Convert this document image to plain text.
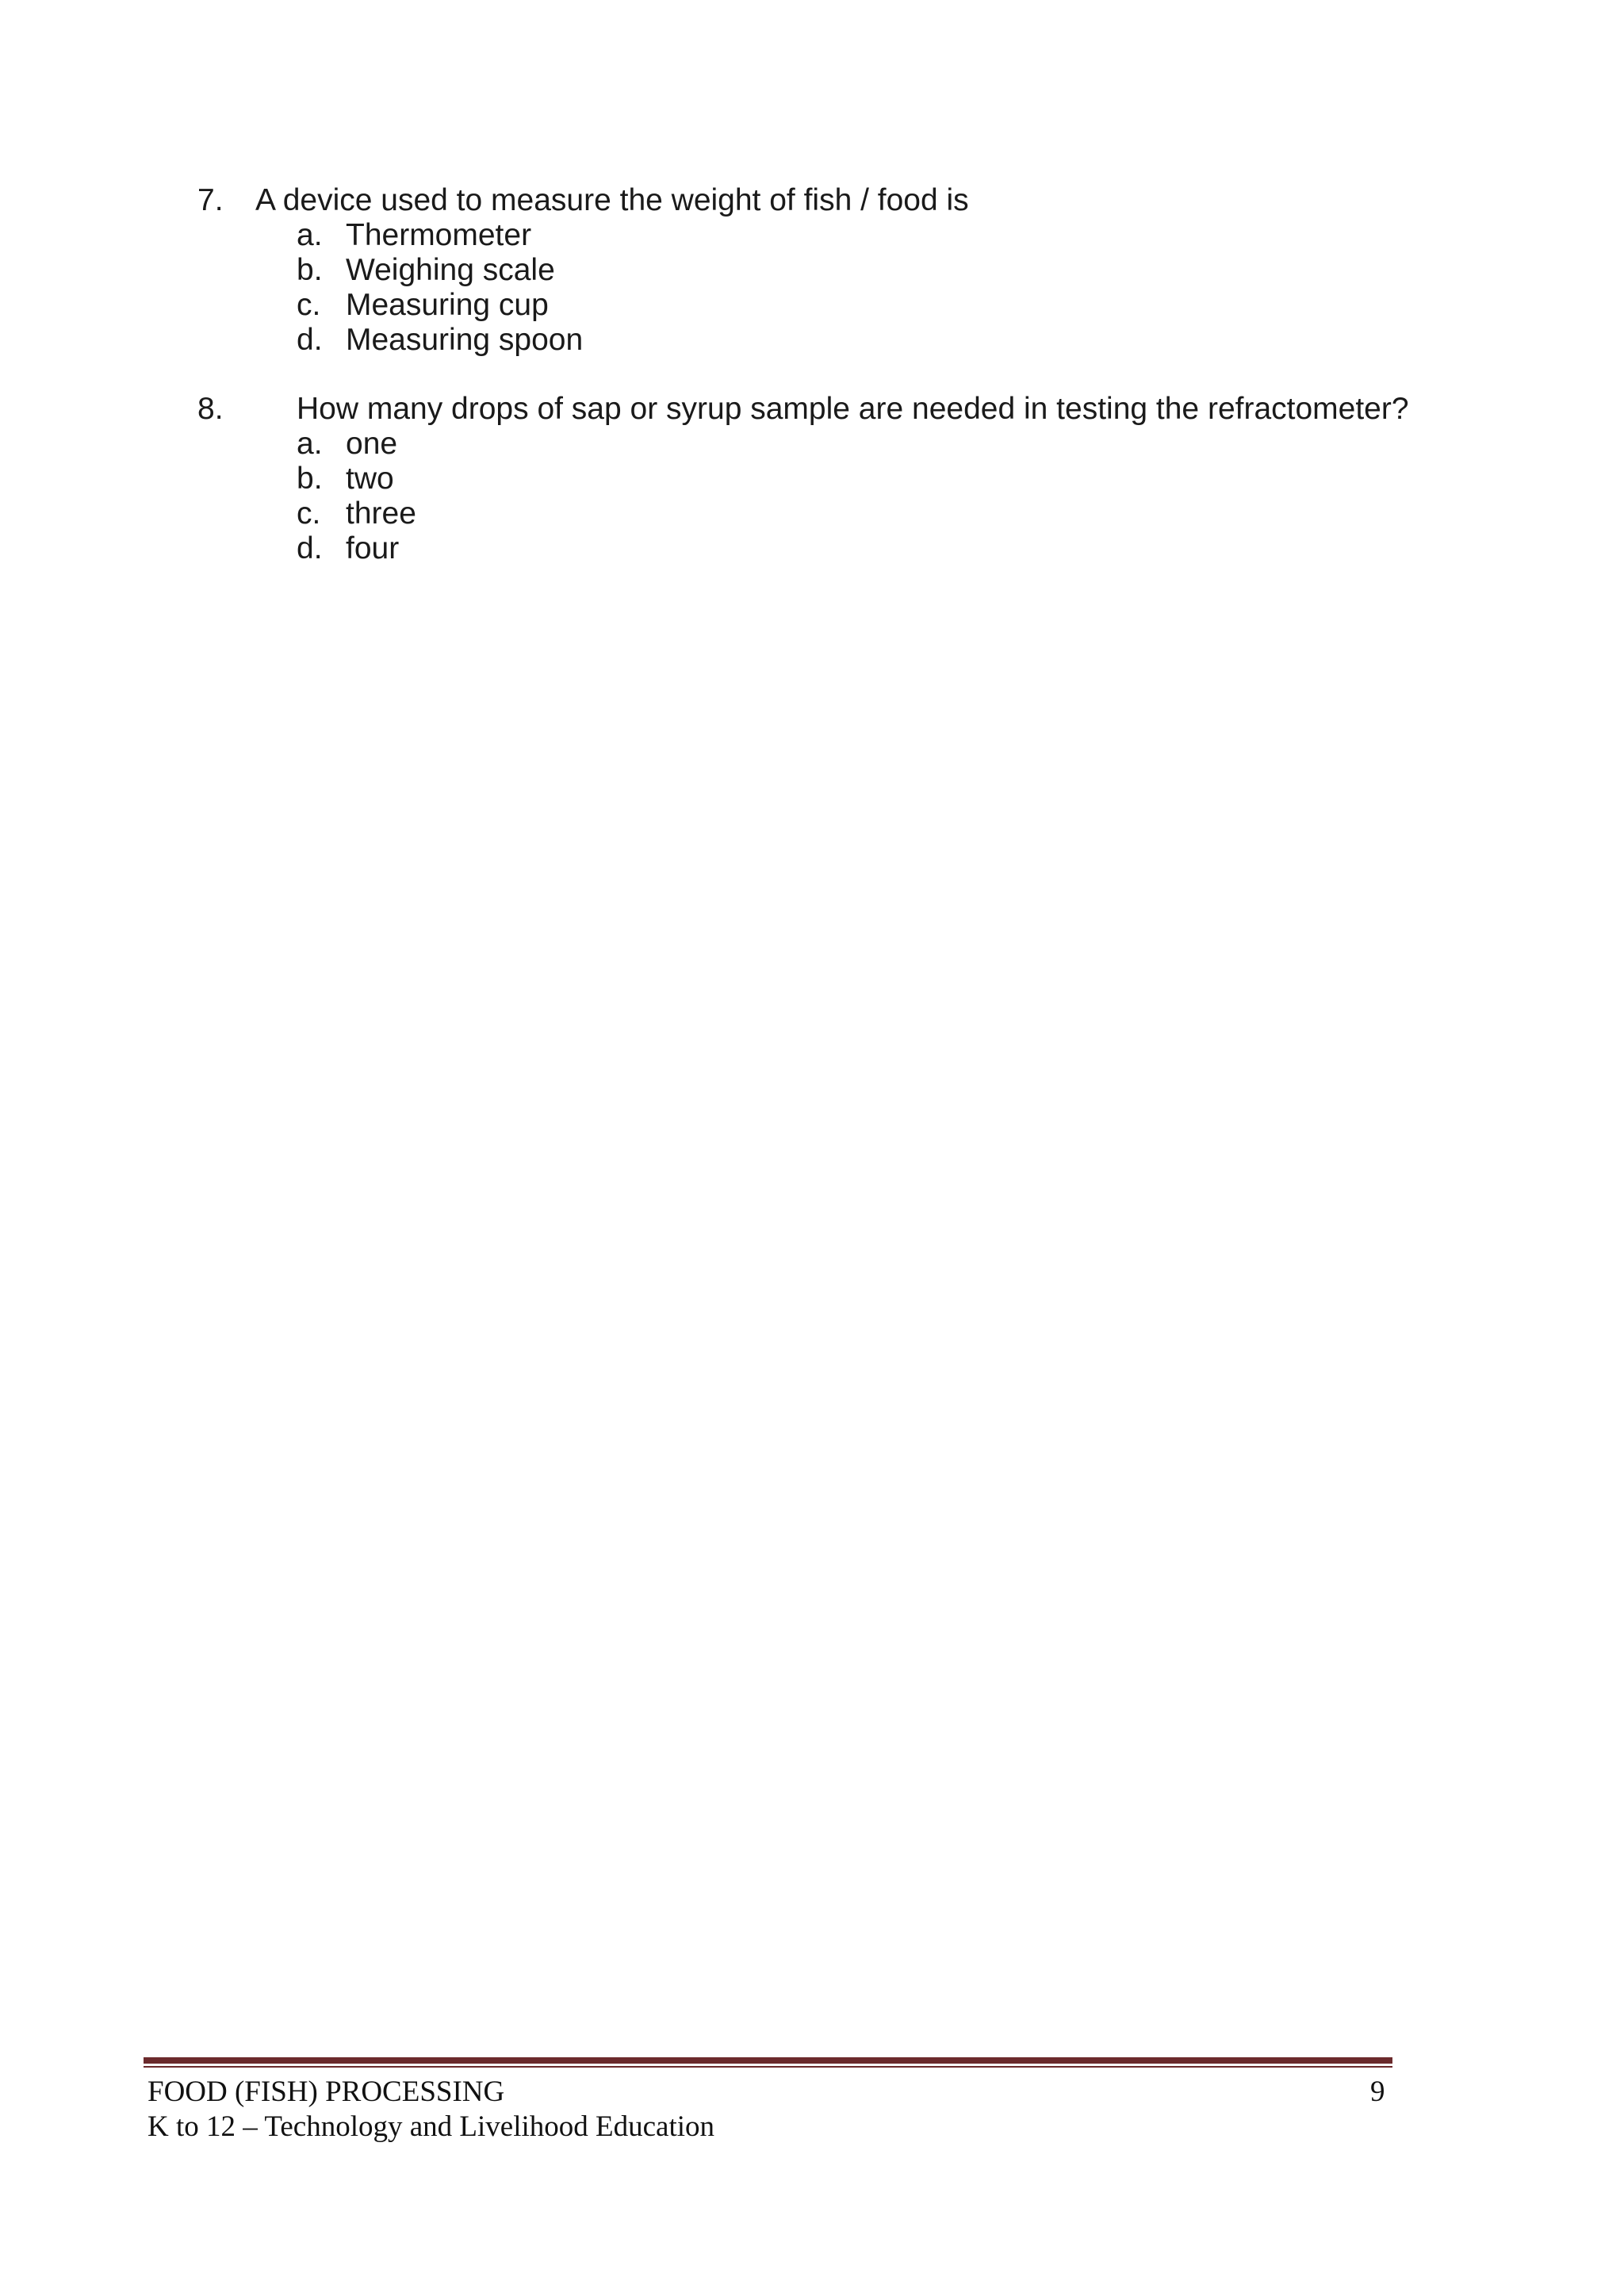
7. A device used to measure the weight of fish / food is
a. Thermometer
b. Weighing scale
c. Measuring cup
d. Measuring spoon
8. How many drops of sap or syrup sample are needed in testing the refractometer?
a. one
b. two
c. three
d. four
FOOD (FISH) PROCESSING
K to 12 – Technology and Livelihood Education
9
